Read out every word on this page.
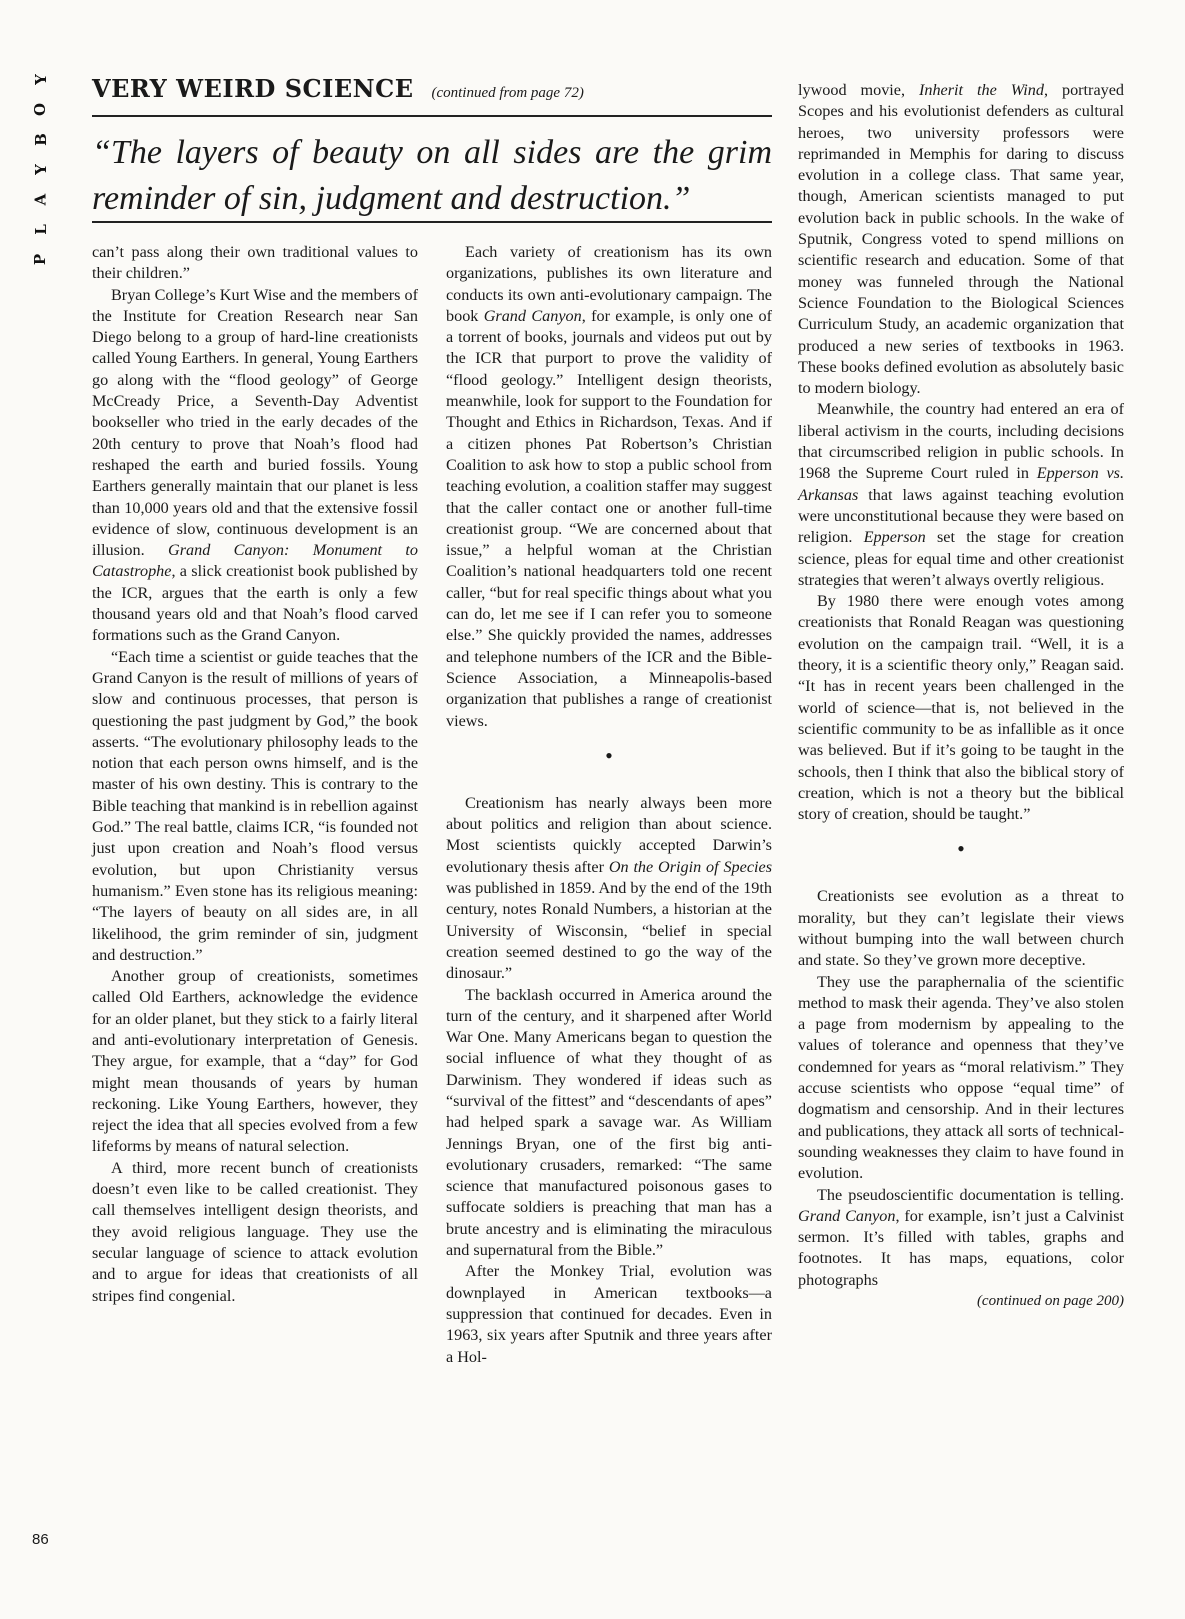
Y
O
B
Y
A
L
P
VERY WEIRD SCIENCE (continued from page 72)
“The layers of beauty on all sides are the grim reminder of sin, judgment and destruction.”

can’t pass along their own traditional values to their children.”

Bryan College’s Kurt Wise and the members of the Institute for Creation Research near San Diego belong to a group of hard-line creationists called Young Earthers. In general, Young Earthers go along with the “flood geology” of George McCready Price, a Seventh-Day Adventist bookseller who tried in the early decades of the 20th century to prove that Noah’s flood had reshaped the earth and buried fossils. Young Earthers generally maintain that our planet is less than 10,000 years old and that the extensive fossil evidence of slow, continuous development is an illusion. Grand Canyon: Monument to Catastrophe, a slick creationist book published by the ICR, argues that the earth is only a few thousand years old and that Noah’s flood carved formations such as the Grand Canyon.

“Each time a scientist or guide teaches that the Grand Canyon is the result of millions of years of slow and continuous processes, that person is questioning the past judgment by God,” the book asserts. “The evolutionary philosophy leads to the notion that each person owns himself, and is the master of his own destiny. This is contrary to the Bible teaching that mankind is in rebellion against God.” The real battle, claims ICR, “is founded not just upon creation and Noah’s flood versus evolution, but upon Christianity versus humanism.” Even stone has its religious meaning: “The layers of beauty on all sides are, in all likelihood, the grim reminder of sin, judgment and destruction.”

Another group of creationists, sometimes called Old Earthers, acknowledge the evidence for an older planet, but they stick to a fairly literal and anti-evolutionary interpretation of Genesis. They argue, for example, that a “day” for God might mean thousands of years by human reckoning. Like Young Earthers, however, they reject the idea that all species evolved from a few lifeforms by means of natural selection.

A third, more recent bunch of creationists doesn’t even like to be called creationist. They call themselves intelligent design theorists, and they avoid religious language. They use the secular language of science to attack evolution and to argue for ideas that creationists of all stripes find congenial.

Each variety of creationism has its own organizations, publishes its own literature and conducts its own anti-evolutionary campaign. The book Grand Canyon, for example, is only one of a torrent of books, journals and videos put out by the ICR that purport to prove the validity of “flood geology.” Intelligent design theorists, meanwhile, look for support to the Foundation for Thought and Ethics in Richardson, Texas. And if a citizen phones Pat Robertson’s Christian Coalition to ask how to stop a public school from teaching evolution, a coalition staffer may suggest that the caller contact one or another full-time creationist group. “We are concerned about that issue,” a helpful woman at the Christian Coalition’s national headquarters told one recent caller, “but for real specific things about what you can do, let me see if I can refer you to someone else.” She quickly provided the names, addresses and telephone numbers of the ICR and the Bible-Science Association, a Minneapolis-based organization that publishes a range of creationist views.

•

Creationism has nearly always been more about politics and religion than about science. Most scientists quickly accepted Darwin’s evolutionary thesis after On the Origin of Species was published in 1859. And by the end of the 19th century, notes Ronald Numbers, a historian at the University of Wisconsin, “belief in special creation seemed destined to go the way of the dinosaur.”

The backlash occurred in America around the turn of the century, and it sharpened after World War One. Many Americans began to question the social influence of what they thought of as Darwinism. They wondered if ideas such as “survival of the fittest” and “descendants of apes” had helped spark a savage war. As William Jennings Bryan, one of the first big anti-evolutionary crusaders, remarked: “The same science that manufactured poisonous gases to suffocate soldiers is preaching that man has a brute ancestry and is eliminating the miraculous and supernatural from the Bible.”

After the Monkey Trial, evolution was downplayed in American textbooks—a suppression that continued for decades. Even in 1963, six years after Sputnik and three years after a Hol-

lywood movie, Inherit the Wind, portrayed Scopes and his evolutionist defenders as cultural heroes, two university professors were reprimanded in Memphis for daring to discuss evolution in a college class. That same year, though, American scientists managed to put evolution back in public schools. In the wake of Sputnik, Congress voted to spend millions on scientific research and education. Some of that money was funneled through the National Science Foundation to the Biological Sciences Curriculum Study, an academic organization that produced a new series of textbooks in 1963. These books defined evolution as absolutely basic to modern biology.

Meanwhile, the country had entered an era of liberal activism in the courts, including decisions that circumscribed religion in public schools. In 1968 the Supreme Court ruled in Epperson vs. Arkansas that laws against teaching evolution were unconstitutional because they were based on religion. Epperson set the stage for creation science, pleas for equal time and other creationist strategies that weren’t always overtly religious.

By 1980 there were enough votes among creationists that Ronald Reagan was questioning evolution on the campaign trail. “Well, it is a theory, it is a scientific theory only,” Reagan said. “It has in recent years been challenged in the world of science—that is, not believed in the scientific community to be as infallible as it once was believed. But if it’s going to be taught in the schools, then I think that also the biblical story of creation, which is not a theory but the biblical story of creation, should be taught.”

•

Creationists see evolution as a threat to morality, but they can’t legislate their views without bumping into the wall between church and state. So they’ve grown more deceptive.

They use the paraphernalia of the scientific method to mask their agenda. They’ve also stolen a page from modernism by appealing to the values of tolerance and openness that they’ve condemned for years as “moral relativism.” They accuse scientists who oppose “equal time” of dogmatism and censorship. And in their lectures and publications, they attack all sorts of technical-sounding weaknesses they claim to have found in evolution.

The pseudoscientific documentation is telling. Grand Canyon, for example, isn’t just a Calvinist sermon. It’s filled with tables, graphs and footnotes. It has maps, equations, color photographs

(continued on page 200)
86
